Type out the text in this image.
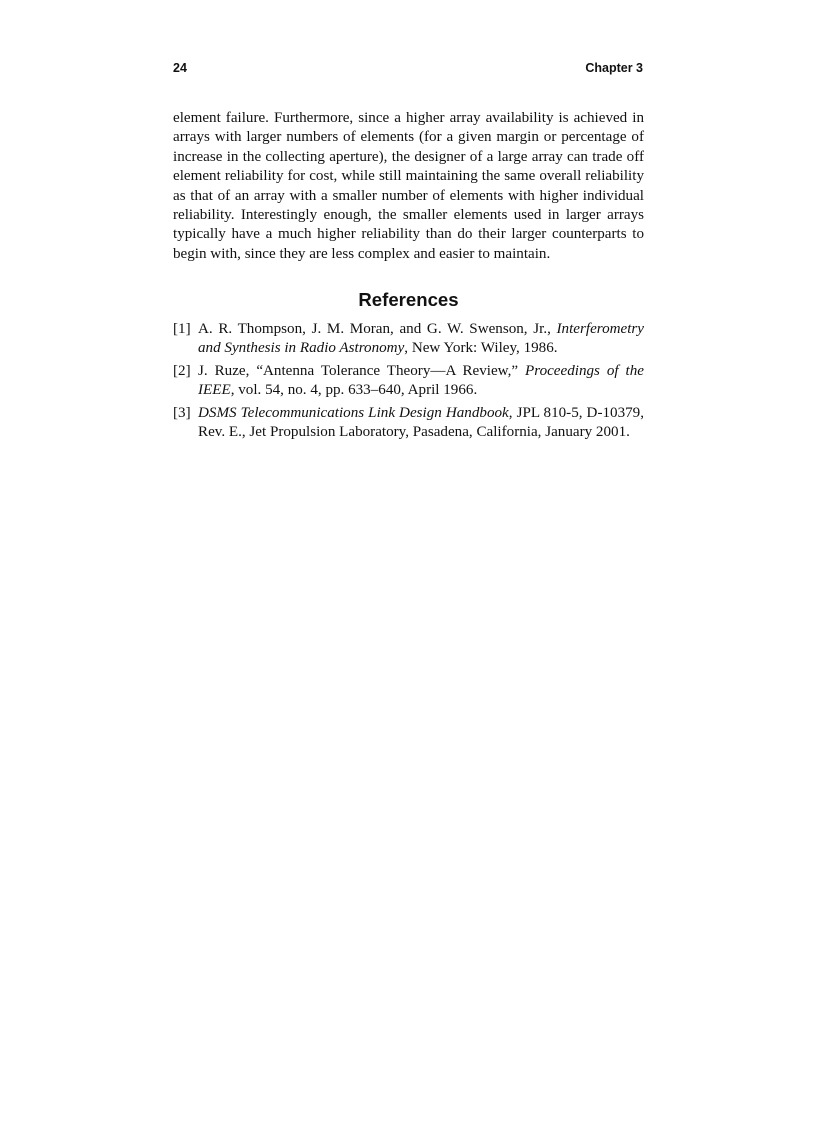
24	Chapter 3

element failure. Furthermore, since a higher array availability is achieved in arrays with larger numbers of elements (for a given margin or percentage of increase in the collecting aperture), the designer of a large array can trade off element reliability for cost, while still maintaining the same overall reliability as that of an array with a smaller number of elements with higher individual reliability. Interestingly enough, the smaller elements used in larger arrays typically have a much higher reliability than do their larger counterparts to begin with, since they are less complex and easier to maintain.

References
[1] A. R. Thompson, J. M. Moran, and G. W. Swenson, Jr., Interferometry and Synthesis in Radio Astronomy, New York: Wiley, 1986.
[2] J. Ruze, “Antenna Tolerance Theory—A Review,” Proceedings of the IEEE, vol. 54, no. 4, pp. 633–640, April 1966.
[3] DSMS Telecommunications Link Design Handbook, JPL 810-5, D-10379, Rev. E., Jet Propulsion Laboratory, Pasadena, California, January 2001.
